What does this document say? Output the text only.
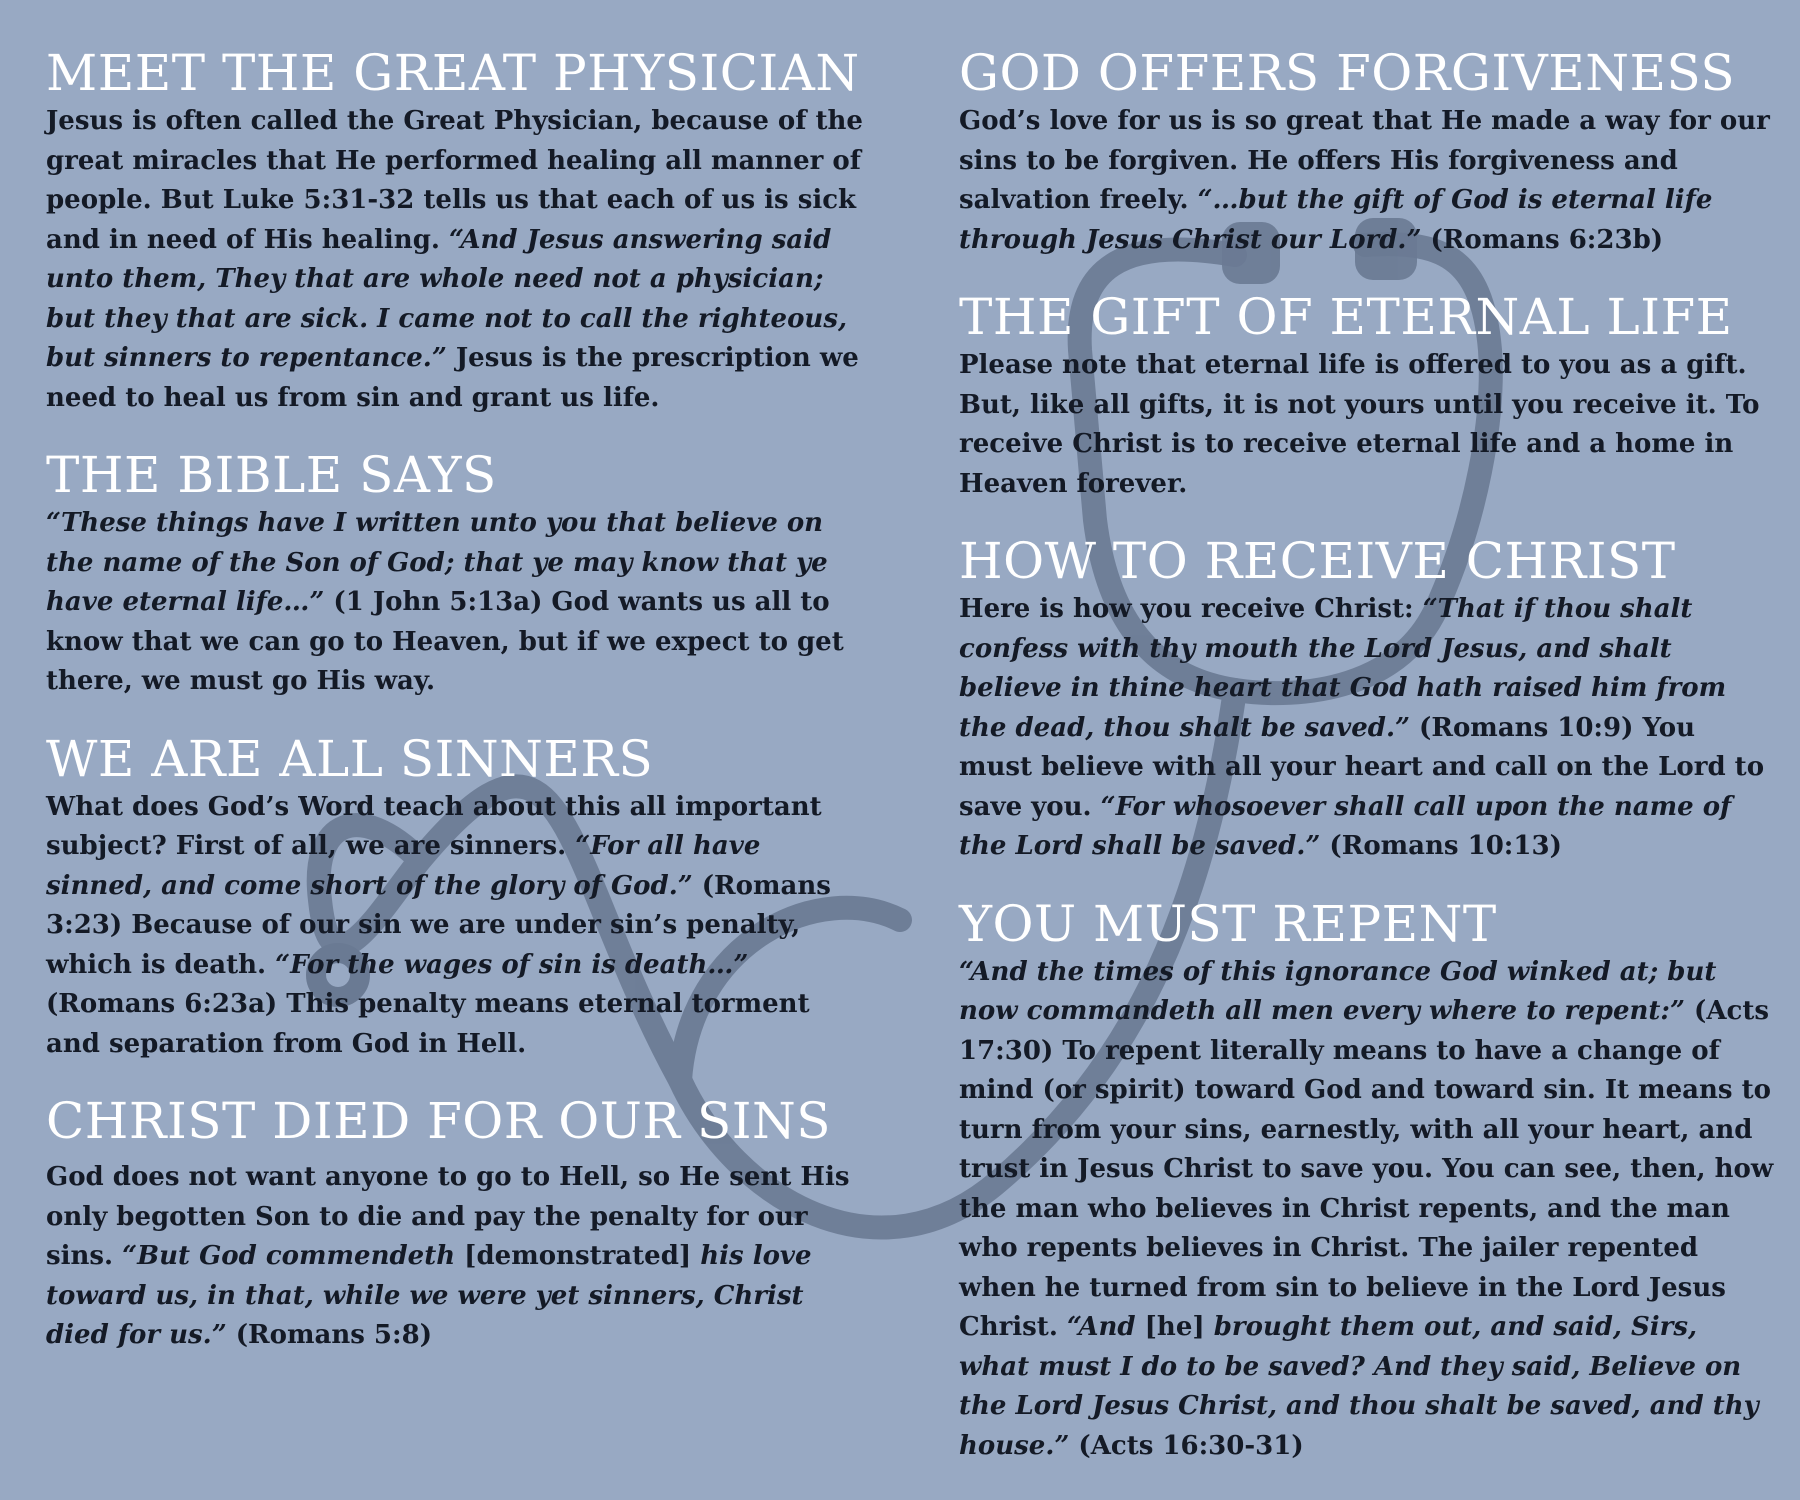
MEET THE GREAT PHYSICIAN

Jesus is often called the Great Physician, because of the great miracles that He performed healing all manner of people. But Luke 5:31-32 tells us that each of us is sick and in need of His healing. “And Jesus answering said unto them, They that are whole need not a physician; but they that are sick. I came not to call the righteous, but sinners to repentance.” Jesus is the prescription we need to heal us from sin and grant us life.

THE BIBLE SAYS

“These things have I written unto you that believe on the name of the Son of God; that ye may know that ye have eternal life…” (1 John 5:13a) God wants us all to know that we can go to Heaven, but if we expect to get there, we must go His way.

WE ARE ALL SINNERS

What does God’s Word teach about this all important subject? First of all, we are sinners. “For all have sinned, and come short of the glory of God.” (Romans 3:23) Because of our sin we are under sin’s penalty, which is death. “For the wages of sin is death…” (Romans 6:23a) This penalty means eternal torment and separation from God in Hell.

CHRIST DIED FOR OUR SINS

God does not want anyone to go to Hell, so He sent His only begotten Son to die and pay the penalty for our sins. “But God commendeth [demonstrated] his love toward us, in that, while we were yet sinners, Christ died for us.” (Romans 5:8)

GOD OFFERS FORGIVENESS

God’s love for us is so great that He made a way for our sins to be forgiven. He offers His forgiveness and salvation freely. “…but the gift of God is eternal life through Jesus Christ our Lord.” (Romans 6:23b)

THE GIFT OF ETERNAL LIFE

Please note that eternal life is offered to you as a gift. But, like all gifts, it is not yours until you receive it. To receive Christ is to receive eternal life and a home in Heaven forever.

HOW TO RECEIVE CHRIST

Here is how you receive Christ: “That if thou shalt confess with thy mouth the Lord Jesus, and shalt believe in thine heart that God hath raised him from the dead, thou shalt be saved.” (Romans 10:9) You must believe with all your heart and call on the Lord to save you. “For whosoever shall call upon the name of the Lord shall be saved.” (Romans 10:13)

YOU MUST REPENT

“And the times of this ignorance God winked at; but now commandeth all men every where to repent:” (Acts 17:30) To repent literally means to have a change of mind (or spirit) toward God and toward sin. It means to turn from your sins, earnestly, with all your heart, and trust in Jesus Christ to save you. You can see, then, how the man who believes in Christ repents, and the man who repents believes in Christ. The jailer repented when he turned from sin to believe in the Lord Jesus Christ. “And [he] brought them out, and said, Sirs, what must I do to be saved? And they said, Believe on the Lord Jesus Christ, and thou shalt be saved, and thy house.” (Acts 16:30-31)
